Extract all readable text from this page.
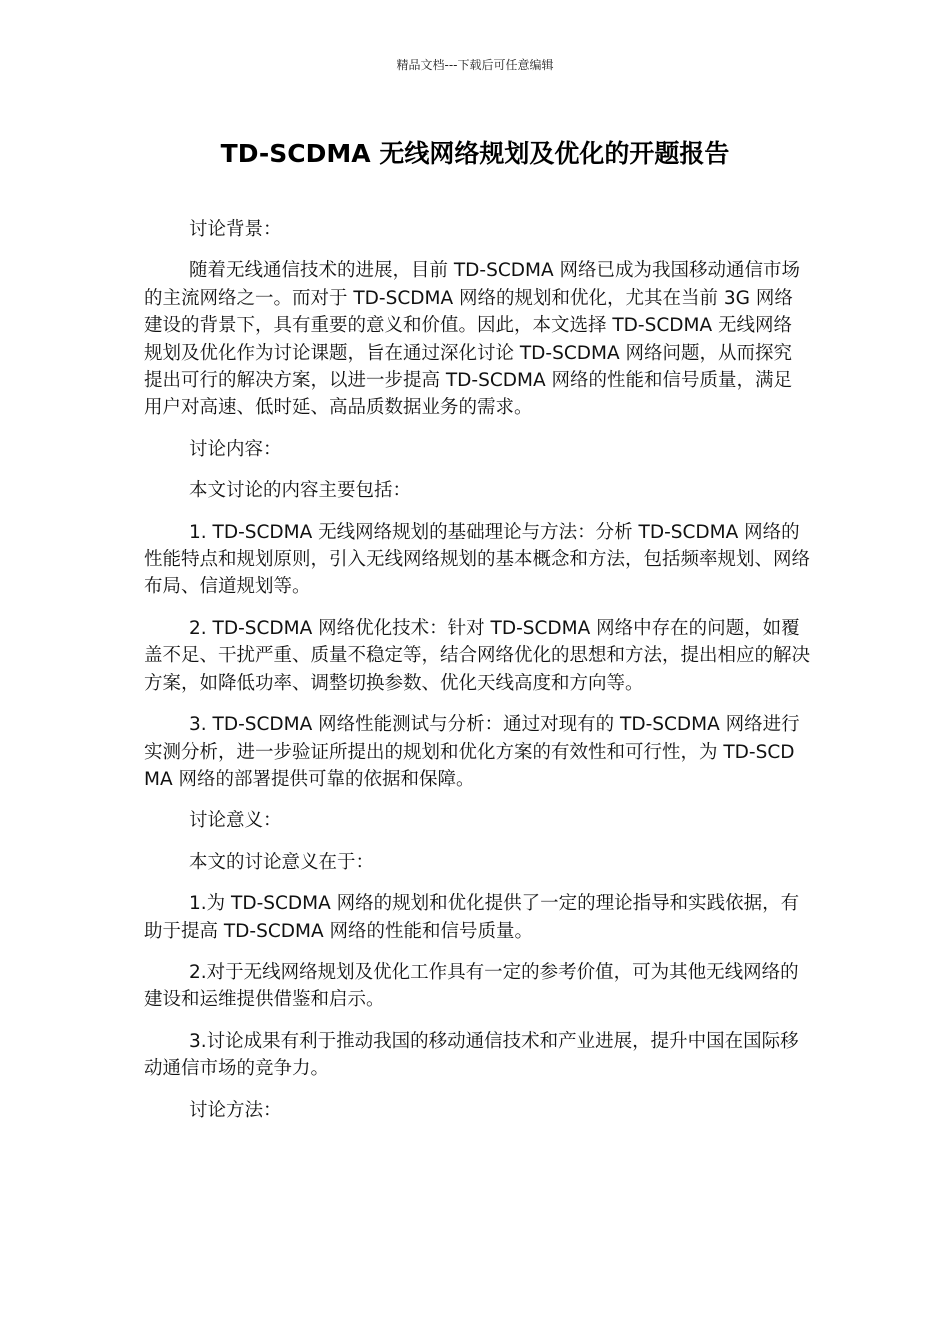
精品文档---下载后可任意编辑
TD-SCDMA 无线网络规划及优化的开题报告

讨论背景：

随着无线通信技术的进展，目前 TD-SCDMA 网络已成为我国移动通信市场的主流网络之一。而对于 TD-SCDMA 网络的规划和优化，尤其在当前 3G 网络建设的背景下，具有重要的意义和价值。因此，本文选择 TD-SCDMA 无线网络规划及优化作为讨论课题，旨在通过深化讨论 TD-SCDMA 网络问题，从而探究提出可行的解决方案，以进一步提高 TD-SCDMA 网络的性能和信号质量，满足用户对高速、低时延、高品质数据业务的需求。

讨论内容：

本文讨论的内容主要包括：

1. TD-SCDMA 无线网络规划的基础理论与方法：分析 TD-SCDMA 网络的性能特点和规划原则，引入无线网络规划的基本概念和方法，包括频率规划、网络布局、信道规划等。

2. TD-SCDMA 网络优化技术：针对 TD-SCDMA 网络中存在的问题，如覆盖不足、干扰严重、质量不稳定等，结合网络优化的思想和方法，提出相应的解决方案，如降低功率、调整切换参数、优化天线高度和方向等。

3. TD-SCDMA 网络性能测试与分析：通过对现有的 TD-SCDMA 网络进行实测分析，进一步验证所提出的规划和优化方案的有效性和可行性，为 TD-SCDMA 网络的部署提供可靠的依据和保障。

讨论意义：

本文的讨论意义在于：

1.为 TD-SCDMA 网络的规划和优化提供了一定的理论指导和实践依据，有助于提高 TD-SCDMA 网络的性能和信号质量。

2.对于无线网络规划及优化工作具有一定的参考价值，可为其他无线网络的建设和运维提供借鉴和启示。

3.讨论成果有利于推动我国的移动通信技术和产业进展，提升中国在国际移动通信市场的竞争力。

讨论方法：
